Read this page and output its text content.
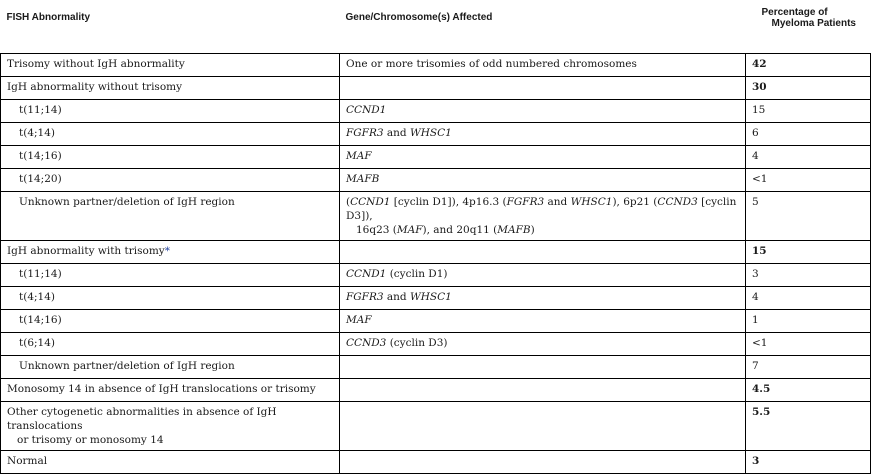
FISH Abnormality	Gene/Chromosome(s) Affected	Percentage of
Myeloma Patients

Trisomy without IgH abnormality	One or more trisomies of odd numbered chromosomes	42
IgH abnormality without trisomy		30
t(11;14)	CCND1	15
t(4;14)	FGFR3 and WHSC1	6
t(14;16)	MAF	4
t(14;20)	MAFB	<1
Unknown partner/deletion of IgH region	(CCND1 [cyclin D1]), 4p16.3 (FGFR3 and WHSC1), 6p21 (CCND3 [cyclin D3]),
16q23 (MAF), and 20q11 (MAFB)	5
IgH abnormality with trisomy*		15
t(11;14)	CCND1 (cyclin D1)	3
t(4;14)	FGFR3 and WHSC1	4
t(14;16)	MAF	1
t(6;14)	CCND3 (cyclin D3)	<1
Unknown partner/deletion of IgH region		7
Monosomy 14 in absence of IgH translocations or trisomy		4.5
Other cytogenetic abnormalities in absence of IgH translocations
or trisomy or monosomy 14		5.5
Normal		3
